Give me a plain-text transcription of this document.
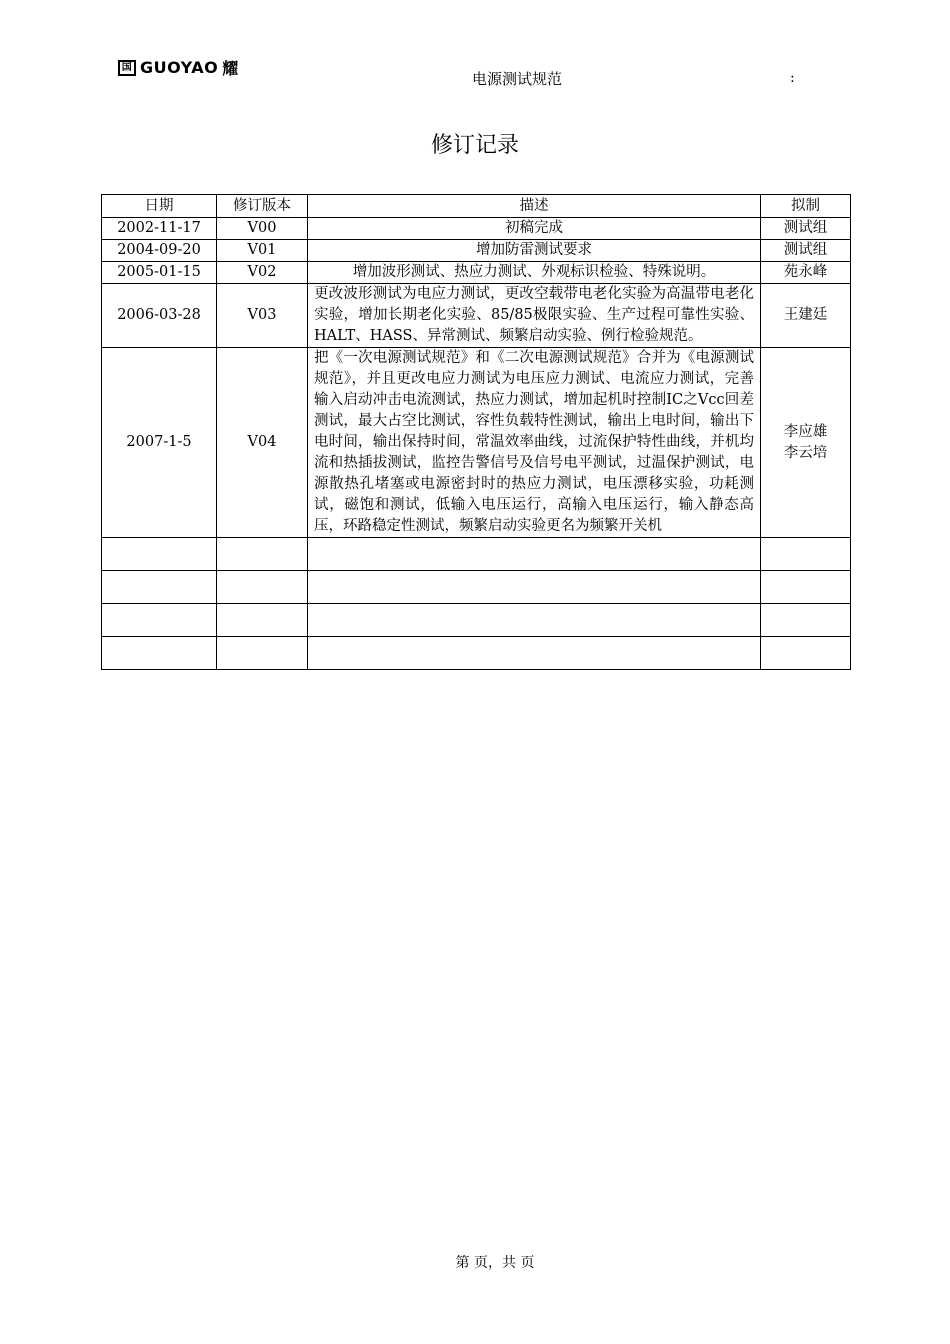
国 GUOYAO 耀
电源测试规范	:
修订记录
日期	修订版本	描述	拟制
2002-11-17	V00	初稿完成	测试组
2004-09-20	V01	增加防雷测试要求	测试组
2005-01-15	V02	增加波形测试、热应力测试、外观标识检验、特殊说明。	苑永峰
2006-03-28	V03	更改波形测试为电应力测试，更改空载带电老化实验为高温带电老化实验，增加长期老化实验、85/85极限实验、生产过程可靠性实验、HALT、HASS、异常测试、频繁启动实验、例行检验规范。	王建廷
2007-1-5	V04	把《一次电源测试规范》和《二次电源测试规范》合并为《电源测试规范》，并且更改电应力测试为电压应力测试、电流应力测试，完善输入启动冲击电流测试，热应力测试，增加起机时控制IC之Vcc回差测试，最大占空比测试，容性负载特性测试，输出上电时间，输出下电时间，输出保持时间，常温效率曲线，过流保护特性曲线，并机均流和热插拔测试，监控告警信号及信号电平测试，过温保护测试，电源散热孔堵塞或电源密封时的热应力测试，电压漂移实验，功耗测试，磁饱和测试，低输入电压运行，高输入电压运行，输入静态高压，环路稳定性测试，频繁启动实验更名为频繁开关机	李应雄
李云培

第 页，共 页
